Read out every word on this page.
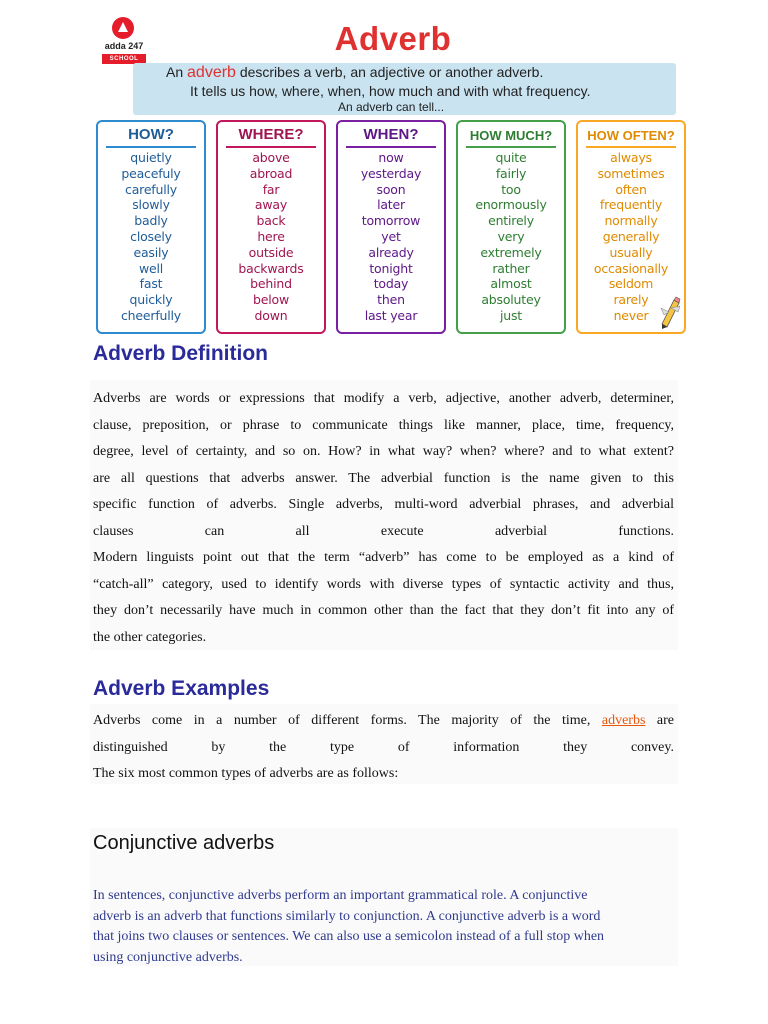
adda 247
SCHOOL
Adverb
An adverb describes a verb, an adjective or another adverb.
It tells us how, where, when, how much and with what frequency.
An adverb can tell...
HOW?
quietly
peacefuly
carefully
slowly
badly
closely
easily
well
fast
quickly
cheerfully
WHERE?
above
abroad
far
away
back
here
outside
backwards
behind
below
down
WHEN?
now
yesterday
soon
later
tomorrow
yet
already
tonight
today
then
last year
HOW MUCH?
quite
fairly
too
enormously
entirely
very
extremely
rather
almost
absolutey
just
HOW OFTEN?
always
sometimes
often
frequently
normally
generally
usually
occasionally
seldom
rarely
never
Adverb Definition
Adverbs are words or expressions that modify a verb, adjective, another adverb, determiner,
clause, preposition, or phrase to communicate things like manner, place, time, frequency,
degree, level of certainty, and so on. How? in what way? when? where? and to what extent?
are all questions that adverbs answer. The adverbial function is the name given to this
specific function of adverbs. Single adverbs, multi-word adverbial phrases, and adverbial
clauses can all execute adverbial functions.
Modern linguists point out that the term “adverb” has come to be employed as a kind of
“catch-all” category, used to identify words with diverse types of syntactic activity and thus,
they don’t necessarily have much in common other than the fact that they don’t fit into any of
the other categories.
Adverb Examples
Adverbs come in a number of different forms. The majority of the time, adverbs are
distinguished by the type of information they convey.
The six most common types of adverbs are as follows:
Conjunctive adverbs
In sentences, conjunctive adverbs perform an important grammatical role. A conjunctive
adverb is an adverb that functions similarly to conjunction. A conjunctive adverb is a word
that joins two clauses or sentences. We can also use a semicolon instead of a full stop when
using conjunctive adverbs.
